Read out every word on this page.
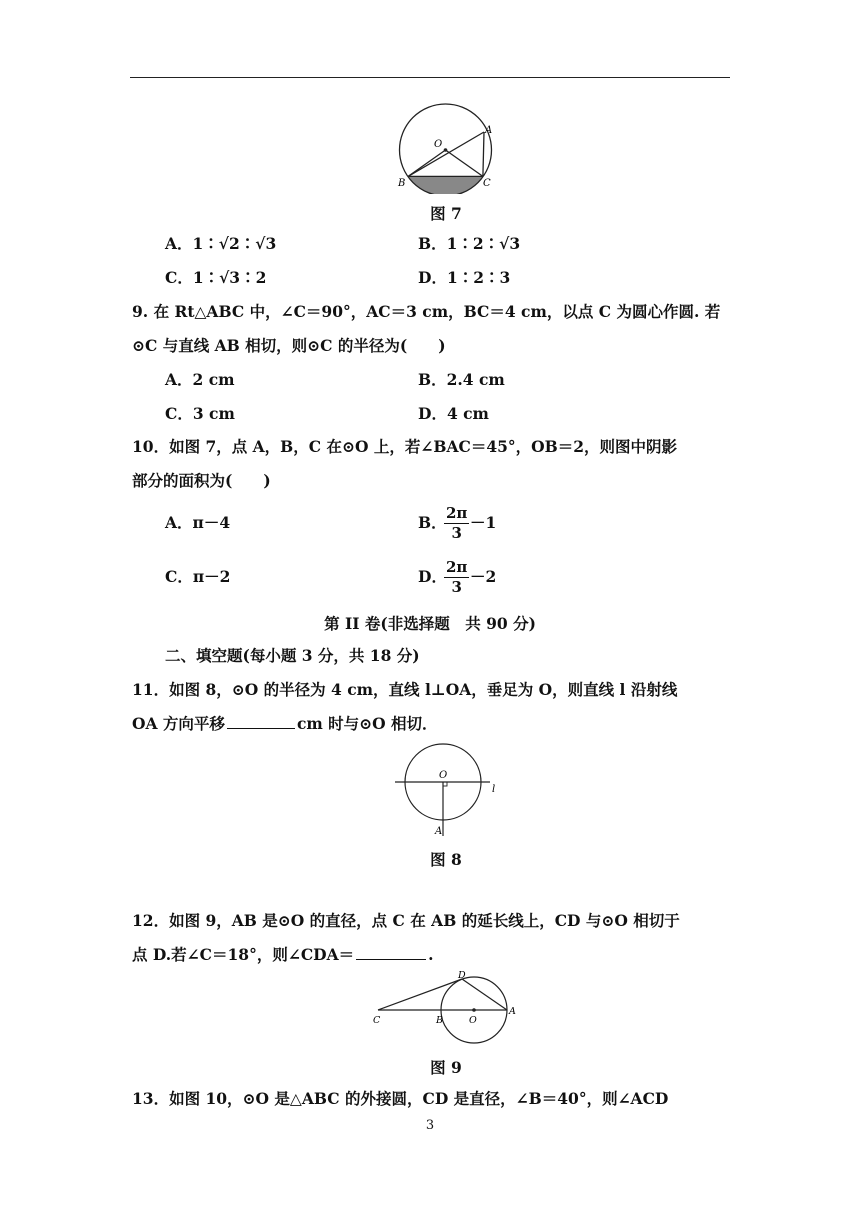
O
A
B	C
图 7
A．1∶√2∶√3	B．1∶2∶√3
C．1∶√3∶2	D．1∶2∶3
9. 在 Rt△ABC 中，∠C＝90°，AC＝3 cm，BC＝4 cm，以点 C 为圆心作圆. 若
⊙C 与直线 AB 相切，则⊙C 的半径为(　　)
A．2 cm	B．2.4 cm
C．3 cm	D．4 cm
10．如图 7，点 A，B，C 在⊙O 上，若∠BAC＝45°，OB＝2，则图中阴影
部分的面积为(　　)
A．π－4	B．
$\frac{2\pi}{3} -1$
C．π－2	D．
$\frac{2\pi}{3} -2$
第 II 卷(非选择题　共 90 分)
二、填空题(每小题 3 分，共 18 分)
11．如图 8，⊙O 的半径为 4 cm，直线 l⊥OA，垂足为 O，则直线 l 沿射线
OA 方向平移	cm 时与⊙O 相切．
O
A
l
图 8
12．如图 9，AB 是⊙O 的直径，点 C 在 AB 的延长线上，CD 与⊙O 相切于
点 D.若∠C＝18°，则∠CDA＝	.
C	B	O
A
D
图 9
13．如图 10，⊙O 是△ABC 的外接圆，CD 是直径，∠B＝40°，则∠ACD
3
